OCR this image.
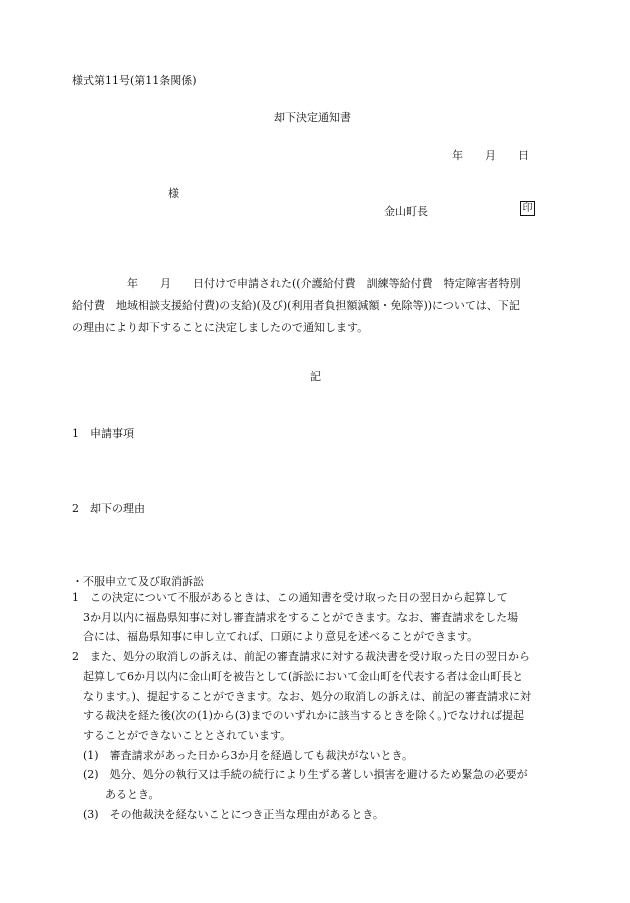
様式第11号(第11条関係)
却下決定通知書
年　　月　　日
様
金山町長	印
　　　　　年　　月　　日付けで申請された((介護給付費　訓練等給付費　特定障害者特別
給付費　地域相談支援給付費)の支給)(及び)(利用者負担額減額・免除等))については、下記
の理由により却下することに決定しましたので通知します。
記
1　申請事項
2　却下の理由
・不服申立て及び取消訴訟
1　この決定について不服があるときは、この通知書を受け取った日の翌日から起算して
　3か月以内に福島県知事に対し審査請求をすることができます。なお、審査請求をした場
　合には、福島県知事に申し立てれば、口頭により意見を述べることができます。
2　また、処分の取消しの訴えは、前記の審査請求に対する裁決書を受け取った日の翌日から
　起算して6か月以内に金山町を被告として(訴訟において金山町を代表する者は金山町長と
　なります。)、提起することができます。なお、処分の取消しの訴えは、前記の審査請求に対
　する裁決を経た後(次の(1)から(3)までのいずれかに該当するときを除く。)でなければ提起
　することができないこととされています。
　(1)　審査請求があった日から3か月を経過しても裁決がないとき。
　(2)　処分、処分の執行又は手続の続行により生ずる著しい損害を避けるため緊急の必要が
　　　あるとき。
　(3)　その他裁決を経ないことにつき正当な理由があるとき。
